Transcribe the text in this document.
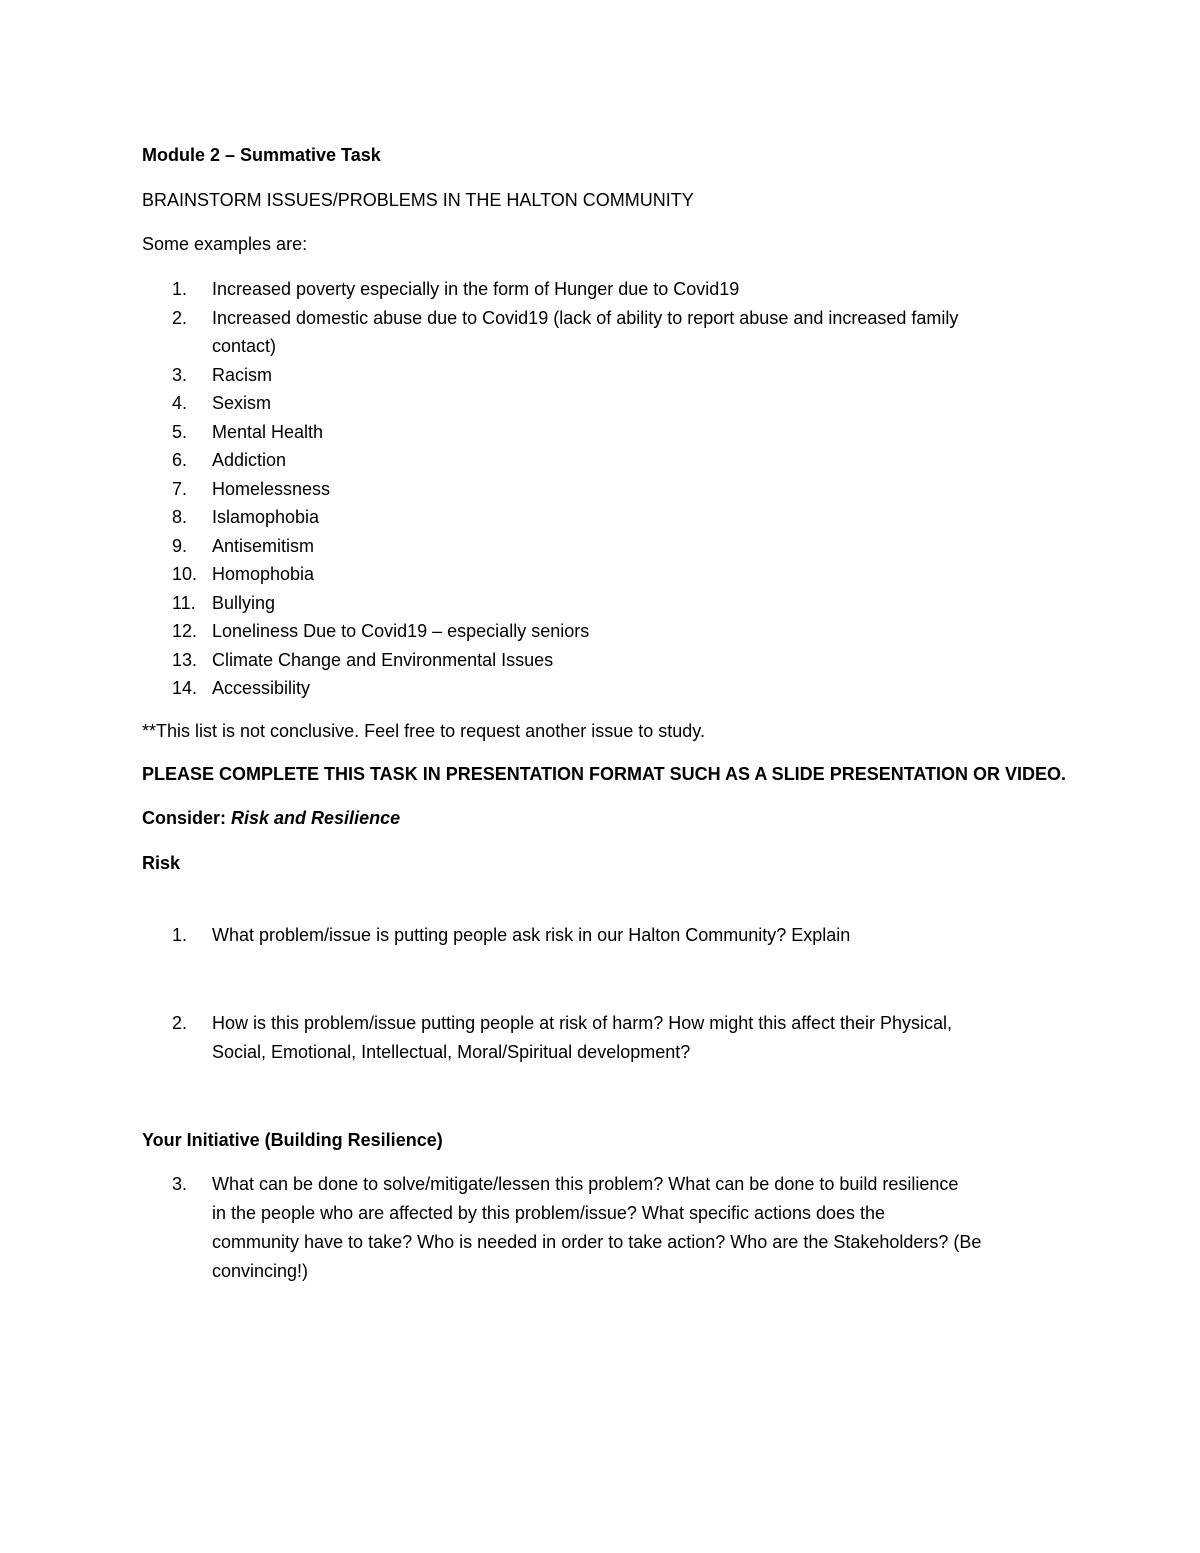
Module 2 – Summative Task
BRAINSTORM ISSUES/PROBLEMS IN THE HALTON COMMUNITY
Some examples are:
1. Increased poverty especially in the form of Hunger due to Covid19
2. Increased domestic abuse due to Covid19 (lack of ability to report abuse and increased family
contact)
3. Racism
4. Sexism
5. Mental Health
6. Addiction
7. Homelessness
8. Islamophobia
9. Antisemitism
10. Homophobia
11. Bullying
12. Loneliness Due to Covid19 – especially seniors
13. Climate Change and Environmental Issues
14. Accessibility
**This list is not conclusive. Feel free to request another issue to study.
PLEASE COMPLETE THIS TASK IN PRESENTATION FORMAT SUCH AS A SLIDE PRESENTATION OR VIDEO.
Consider: Risk and Resilience
Risk
1. What problem/issue is putting people ask risk in our Halton Community? Explain
2. How is this problem/issue putting people at risk of harm? How might this affect their Physical,
Social, Emotional, Intellectual, Moral/Spiritual development?
Your Initiative (Building Resilience)
3. What can be done to solve/mitigate/lessen this problem? What can be done to build resilience
in the people who are affected by this problem/issue? What specific actions does the
community have to take? Who is needed in order to take action? Who are the Stakeholders? (Be
convincing!)
